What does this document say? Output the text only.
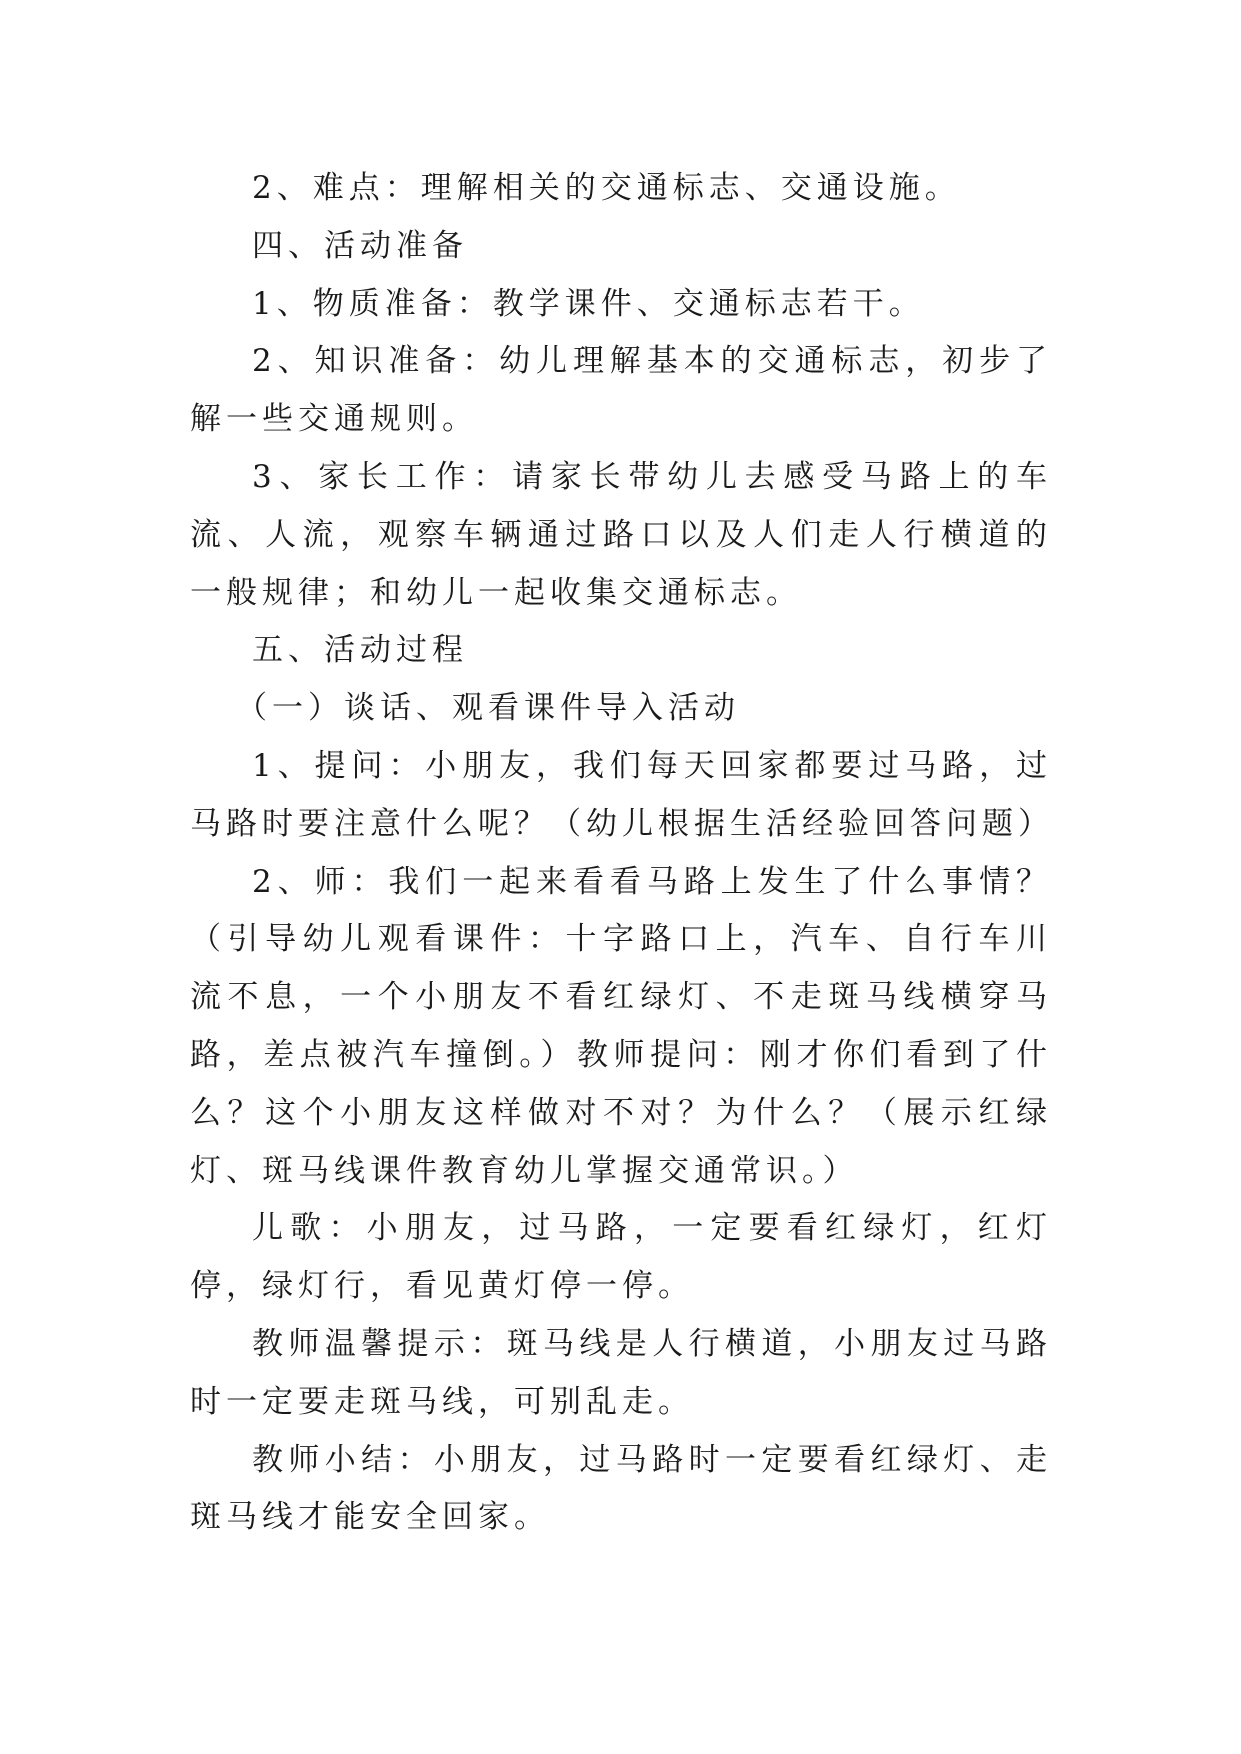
2、难点：理解相关的交通标志、交通设施。

四、活动准备

1、物质准备：教学课件、交通标志若干。

2、知识准备：幼儿理解基本的交通标志，初步了解一些交通规则。

3、家长工作：请家长带幼儿去感受马路上的车流、人流，观察车辆通过路口以及人们走人行横道的一般规律；和幼儿一起收集交通标志。

五、活动过程

（一）谈话、观看课件导入活动

1、提问：小朋友，我们每天回家都要过马路，过马路时要注意什么呢？（幼儿根据生活经验回答问题）

2、师：我们一起来看看马路上发生了什么事情？（引导幼儿观看课件：十字路口上，汽车、自行车川流不息，一个小朋友不看红绿灯、不走斑马线横穿马路，差点被汽车撞倒。）教师提问：刚才你们看到了什么？这个小朋友这样做对不对？为什么？（展示红绿灯、斑马线课件教育幼儿掌握交通常识。）

儿歌：小朋友，过马路，一定要看红绿灯，红灯停，绿灯行，看见黄灯停一停。

教师温馨提示：斑马线是人行横道，小朋友过马路时一定要走斑马线，可别乱走。

教师小结：小朋友，过马路时一定要看红绿灯、走斑马线才能安全回家。
